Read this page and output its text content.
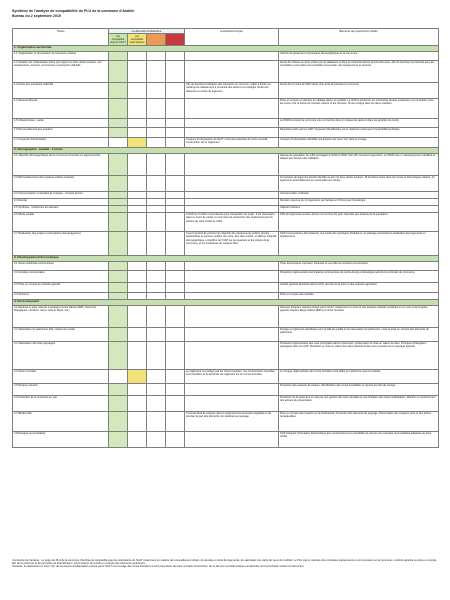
Synthèse de l'analyse de compatibilité du PLU de la commune d'Amblie
Bureau du 2 septembre 2019
Thème	Le document d'urbanisme				A améliorer/corriger	Éléments de projet/points positifs
	est compatible avec le SCoT	est compatible sous réserve				
1. Organisation territoriale						
1.1 Organisation et structuration de l'armature urbaine						Volonté de préserver la dynamique démographique de la commune
1.2 Situation de l'urbanisation future par rapport au tissu urbain existant, aux équipements, services, commerces et transports collectifs						Zones AU situées en tissu urbain par les délaissés et dans la continuité directe proche des axes. Afin de favoriser la proximité avec les centralités et permettre à la centralité communale, des équipements et services
1.3 Accès aux transports collectifs					Afin de favoriser l'utilisation des transports en commun, veiller à limiter au parkings de rabattement à proximité des arrêts et à privilégier plutôt une desserte au centre du logement	Zones AU à moins de 500 mètres d'un arrêt de transport en commun
1.4 Secteurs Bourse						Prise en compte et valoriser le maillage piéton et cyclable. Le OAP et préserver les continuités douces existantes et à compléter entre les zones. Par la fusion de l'espace naturel et les chemins. Ils les protège dans les deux quartiers
1.5 Infrastructures - santé						Le PADD à travers la commune vise à s'inscrire dans un réseau de santé et dans les activités du centre
1.6 Renouvellement des quartiers						Résultats précis par les OAP. Imposant l'identification par le règlement ainsi que l'impossibilité technique
1.7 Coupures d'urbanisation					Coupure d'urbanisation du SCoT n'est pas présentée de toute nouvelle construction par le règlement	Coupure d'urbanisation identifiée qui dessine par zone "Ap" dans le zonage
2. Démographie - Habitat - Foncier						
2.1 Objectifs démographiques de la commune et besoins en logements liés						Hausse de population de 1,8% envisagée à l'horizon 2030. Soit 115 nouveaux logements. Le PADD vise un développement équilibré et adapté aux besoins des habitants
2.2 Réinvestissement des espaces urbains existants						11 hectares de logement foncier identifié au sein du tissu urbain existant. 18 hectares inclus dans les zones et d'enveloppe urbaine, 13 logements potentiellement en renouvellement urbain
2.3 Consommation et densités de l'espace - Compte foncier						Consommation maîtrisée
2.4 Densité						Densité moyenne de 14 logements par hectare et 16 brut pour l'enveloppe
2.5 Synthèse - Cohérence du scénario						Objectif cohérent
2.6 Mixité sociale					L'OAP sur l'emblé n'est présente pour l'acquisition du projet. Il est nécessaire, dans un souci de mixité, la commune de rechercher des règlements pour la gestion de cette mixité de l'offre	15% de logements sociaux prévus sur la zone AU pour répondre aux besoins de la population
2.7 Réalisation des projets et orientations d'aménagement					Il est important de préciser les objectifs des équipements publics (écoles, périscolaire) et services publics. En outre, des sites mixtes, et affirmer l'objectif démographique. L'équilibre de l'OAP sur les quartiers et les projets de la commune, et les contraintes de certains sites	OAP conservatrices afin d'assurer une mixité des typologies d'habitat et un phasage permettant la réalisation des logements et équipements
3. Développement Économique						
3.1 Zones d'activités économiques						Tissu économique important. Diversité et une offre de services commerciaux
3.2 Activités commerciales						Protection réglementaire des linéaires commerciaux de centre-bourg et développement de la continuité du commerce
3.3 Prise en compte de l'activité agricole						Activité agricole favorisée dans le PLU (au titre de la zone et des espaces agricoles)
3.4 Tourisme						Prise en compte des activités
4. Environnement						
4.1 Espaces et sites naturels à protéger (zones Natura 2000, réservoirs biologiques, corridors, trame verte et bleue, etc.)						Absence d'espace naturel protégé par le SCoT. Classement en zone N des espaces naturels sensibles ou en zone A de l'espace agricole. Espace Boisé Classé (EBC) et zones humides
4.2 Valorisation du patrimoine bâti, notamment rurale						Zonage et règlement spécifiques pour le bâti de qualité et la préservation du patrimoine. Liste et prise en compte des éléments du patrimoine
4.3 Valorisation des sites paysagers						Protection réglementaire des vues principales dans le document, préservation et mise en valeur de sites. Principes d'intégration paysagère dans les OAP. Protection et mise en valeur des sites naturels et des vues ouvertes sur le paysage agricole
4.4 Zones humides					Le règlement ne protège pas les zones humides. Les constructions nouvelles sont interdites et la demande de règlement sur les zones humides	Le zonage règlementaire des zones humides a été défini en cohérence avec les études
4.5 Risques naturels						Protection des espaces de risques. Identification des zones inondables et reports au plan de zonage
4.6 Protection de la ressource en eau						Protection de la ressource en eau par une gestion des eaux pluviales et une limitation de l'imperméabilisation. Maintien et renforcement des actions de préservation
4.7 Biodiversité					Il conviendrait de préciser dans le règlement les essences végétales et de préciser la part des éléments non destinés au paysage	Prise en compte des impacts sur la biodiversité. Protection des éléments de paysage. Préservation des espaces verts et des arbres remarquables
4.8 Énergies renouvelables						OAP intégrant l'orientation bioclimatique des constructions et la possibilité de recours aux énergies renouvelables adaptées au tissu urbain

Conclusion de l'analyse : Le projet de PLU de la commune d'Amblie est compatible avec les orientations du SCoT notamment en matière de renouvellement urbain, de densité et mixité de logements, de valorisation du cadre de vie et de mobilité. Le PLU vise le maintien des principaux équipements et commerciaux sur la commune. L'activité agricole est prise en compte afin de la préserver et de permettre sa diversification. Sous réserve de la prise en compte des éléments mentionnés.

Toutefois, le classement en zone "Ap" de la coupure d'urbanisation prévue par le SCoT et le zonage des zones humides ne sont pas prévus de toute nouvelle construction, de ce fait une nouvelle analyse est attendue sur la prochaine version du document.
